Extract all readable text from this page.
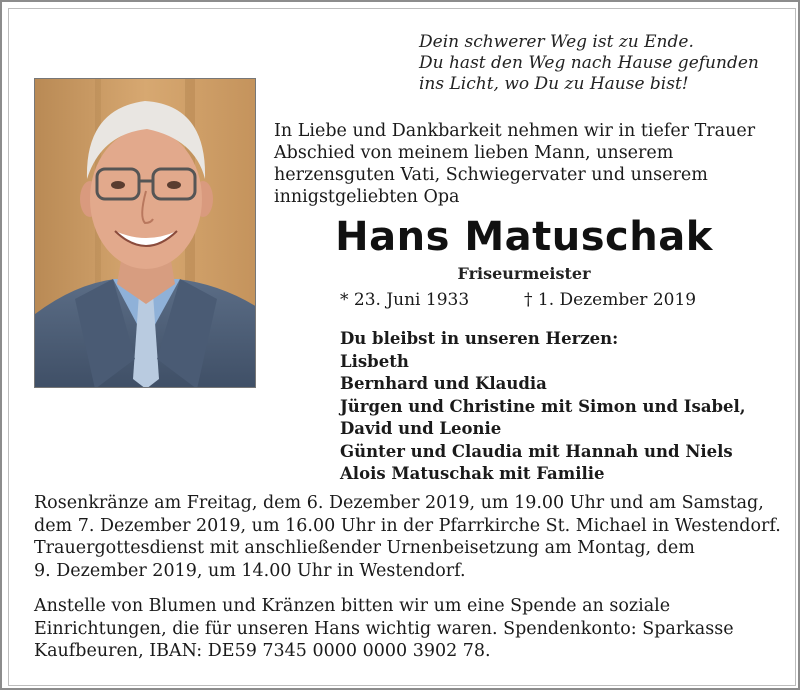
Dein schwerer Weg ist zu Ende.
Du hast den Weg nach Hause gefunden
ins Licht, wo Du zu Hause bist!
In Liebe und Dankbarkeit nehmen wir in tiefer Trauer
Abschied von meinem lieben Mann, unserem
herzensguten Vati, Schwiegervater und unserem
innigstgeliebten Opa
Hans Matuschak
Friseurmeister
* 23. Juni 1933	† 1. Dezember 2019
Du bleibst in unseren Herzen:
Lisbeth
Bernhard und Klaudia
Jürgen und Christine mit Simon und Isabel,
David und Leonie
Günter und Claudia mit Hannah und Niels
Alois Matuschak mit Familie
Rosenkränze am Freitag, dem 6. Dezember 2019, um 19.00 Uhr und am Samstag,
dem 7. Dezember 2019, um 16.00 Uhr in der Pfarrkirche St. Michael in Westendorf.
Trauergottesdienst mit anschließender Urnenbeisetzung am Montag, dem
9. Dezember 2019, um 14.00 Uhr in Westendorf.
Anstelle von Blumen und Kränzen bitten wir um eine Spende an soziale
Einrichtungen, die für unseren Hans wichtig waren. Spendenkonto: Sparkasse
Kaufbeuren, IBAN: DE59 7345 0000 0000 3902 78.
